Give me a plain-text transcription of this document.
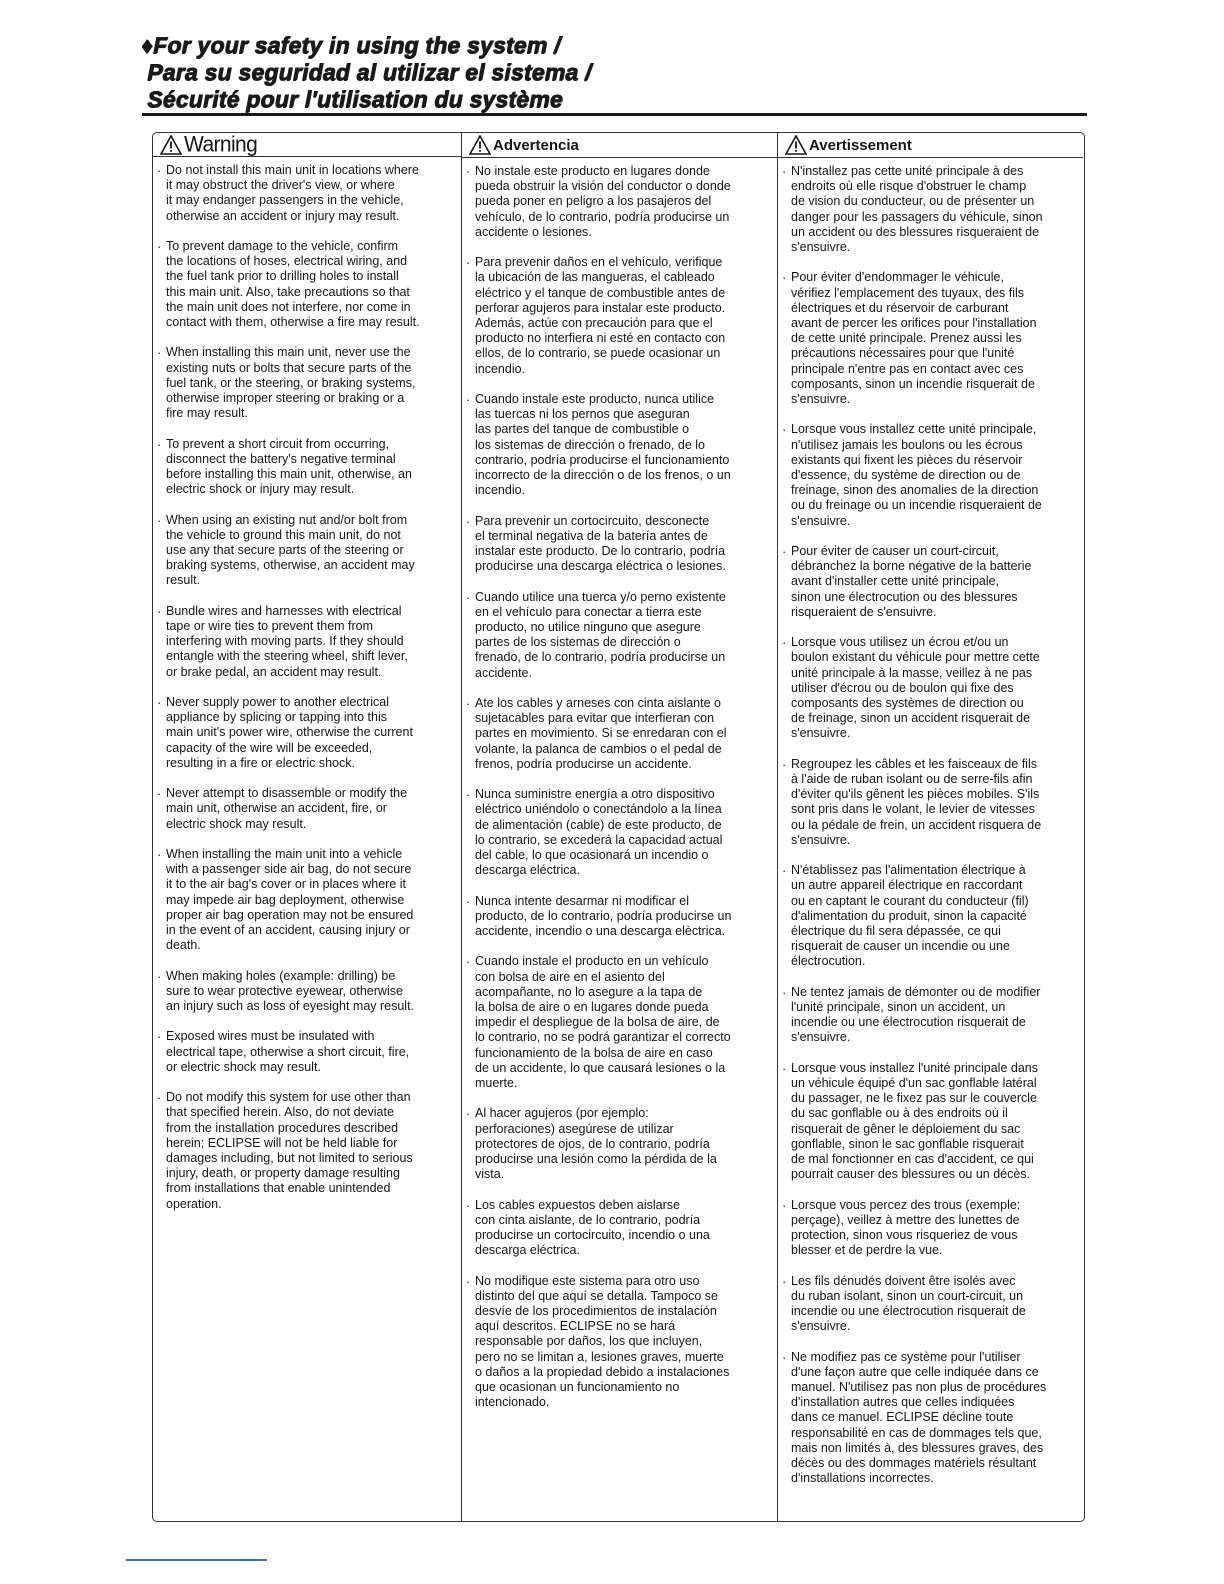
♦For your safety in using the system /
Para su seguridad al utilizar el sistema /
Sécurité pour l'utilisation du système
Warning
· Do not install this main unit in locations where
it may obstruct the driver's view, or where
it may endanger passengers in the vehicle,
otherwise an accident or injury may result.
· To prevent damage to the vehicle, confirm
the locations of hoses, electrical wiring, and
the fuel tank prior to drilling holes to install
this main unit. Also, take precautions so that
the main unit does not interfere, nor come in
contact with them, otherwise a fire may result.
· When installing this main unit, never use the
existing nuts or bolts that secure parts of the
fuel tank, or the steering, or braking systems,
otherwise improper steering or braking or a
fire may result.
· To prevent a short circuit from occurring,
disconnect the battery's negative terminal
before installing this main unit, otherwise, an
electric shock or injury may result.
· When using an existing nut and/or bolt from
the vehicle to ground this main unit, do not
use any that secure parts of the steering or
braking systems, otherwise, an accident may
result.
· Bundle wires and harnesses with electrical
tape or wire ties to prevent them from
interfering with moving parts. If they should
entangle with the steering wheel, shift lever,
or brake pedal, an accident may result.
· Never supply power to another electrical
appliance by splicing or tapping into this
main unit's power wire, otherwise the current
capacity of the wire will be exceeded,
resulting in a fire or electric shock.
· Never attempt to disassemble or modify the
main unit, otherwise an accident, fire, or
electric shock may result.
· When installing the main unit into a vehicle
with a passenger side air bag, do not secure
it to the air bag's cover or in places where it
may impede air bag deployment, otherwise
proper air bag operation may not be ensured
in the event of an accident, causing injury or
death.
· When making holes (example: drilling) be
sure to wear protective eyewear, otherwise
an injury such as loss of eyesight may result.
· Exposed wires must be insulated with
electrical tape, otherwise a short circuit, fire,
or electric shock may result.
· Do not modify this system for use other than
that specified herein. Also, do not deviate
from the installation procedures described
herein; ECLIPSE will not be held liable for
damages including, but not limited to serious
injury, death, or property damage resulting
from installations that enable unintended
operation.
Advertencia
· No instale este producto en lugares donde
pueda obstruir la visión del conductor o donde
pueda poner en peligro a los pasajeros del
vehículo, de lo contrario, podría producirse un
accidente o lesiones.
· Para prevenir daños en el vehículo, verifique
la ubicación de las mangueras, el cableado
eléctrico y el tanque de combustible antes de
perforar agujeros para instalar este producto.
Además, actúe con precaución para que el
producto no interfiera ni esté en contacto con
ellos, de lo contrario, se puede ocasionar un
incendio.
· Cuando instale este producto, nunca utilice
las tuercas ni los pernos que aseguran
las partes del tanque de combustible o
los sistemas de dirección o frenado, de lo
contrario, podría producirse el funcionamiento
incorrecto de la dirección o de los frenos, o un
incendio.
· Para prevenir un cortocircuito, desconecte
el terminal negativa de la batería antes de
instalar este producto. De lo contrario, podría
producirse una descarga eléctrica o lesiones.
· Cuando utilice una tuerca y/o perno existente
en el vehículo para conectar a tierra este
producto, no utilice ninguno que asegure
partes de los sistemas de dirección o
frenado, de lo contrario, podría producirse un
accidente.
· Ate los cables y arneses con cinta aislante o
sujetacables para evitar que interfieran con
partes en movimiento. Si se enredaran con el
volante, la palanca de cambios o el pedal de
frenos, podría producirse un accidente.
· Nunca suministre energía a otro dispositivo
eléctrico uniéndolo o conectándolo a la línea
de alimentación (cable) de este producto, de
lo contrario, se excederá la capacidad actual
del cable, lo que ocasionará un incendio o
descarga eléctrica.
· Nunca intente desarmar ni modificar el
producto, de lo contrario, podría producirse un
accidente, incendio o una descarga elèctrica.
· Cuando instale el producto en un vehículo
con bolsa de aire en el asiento del
acompañante, no lo asegure a la tapa de
la bolsa de aire o en lugares donde pueda
impedir el despliegue de la bolsa de aire, de
lo contrario, no se podrá garantizar el correcto
funcionamiento de la bolsa de aire en caso
de un accidente, lo que causará lesiones o la
muerte.
· Al hacer agujeros (por ejemplo:
perforaciones) asegúrese de utilizar
protectores de ojos, de lo contrario, podría
producirse una lesión como la pérdida de la
vista.
· Los cables expuestos deben aislarse
con cinta aislante, de lo contrario, podría
producirse un cortocircuito, incendio o una
descarga eléctrica.
· No modifique este sistema para otro uso
distinto del que aquí se detalla. Tampoco se
desvíe de los procedimientos de instalación
aquí descritos. ECLIPSE no se hará
responsable por daños, los que incluyen,
pero no se limitan a, lesiones graves, muerte
o daños a la propiedad debido a instalaciones
que ocasionan un funcionamiento no
intencionado.
Avertissement
· N'installez pas cette unité principale à des
endroits où elle risque d'obstruer le champ
de vision du conducteur, ou de présenter un
danger pour les passagers du véhicule, sinon
un accident ou des blessures risqueraient de
s'ensuivre.
· Pour éviter d'endommager le véhicule,
vérifiez l'emplacement des tuyaux, des fils
électriques et du réservoir de carburant
avant de percer les orifices pour l'installation
de cette unité principale. Prenez aussi les
précautions nécessaires pour que l'unité
principale n'entre pas en contact avec ces
composants, sinon un incendie risquerait de
s'ensuivre.
· Lorsque vous installez cette unité principale,
n'utilisez jamais les boulons ou les écrous
existants qui fixent les pièces du réservoir
d'essence, du système de direction ou de
freinage, sinon des anomalies de la direction
ou du freinage ou un incendie risqueraient de
s'ensuivre.
· Pour éviter de causer un court-circuit,
débranchez la borne négative de la batterie
avant d'installer cette unité principale,
sinon une électrocution ou des blessures
risqueraient de s'ensuivre.
· Lorsque vous utilisez un écrou et/ou un
boulon existant du véhicule pour mettre cette
unité principale à la masse, veillez à ne pas
utiliser d'écrou ou de boulon qui fixe des
composants des systèmes de direction ou
de freinage, sinon un accident risquerait de
s'ensuivre.
· Regroupez les câbles et les faisceaux de fils
à l'aide de ruban isolant ou de serre-fils afin
d'éviter qu'ils gênent les pièces mobiles. S'ils
sont pris dans le volant, le levier de vitesses
ou la pédale de frein, un accident risquera de
s'ensuivre.
· N'établissez pas l'alimentation électrique à
un autre appareil électrique en raccordant
ou en captant le courant du conducteur (fil)
d'alimentation du produit, sinon la capacité
électrique du fil sera dépassée, ce qui
risquerait de causer un incendie ou une
électrocution.
· Ne tentez jamais de démonter ou de modifier
l'unité principale, sinon un accident, un
incendie ou une électrocution risquerait de
s'ensuivre.
· Lorsque vous installez l'unité principale dans
un véhicule équipé d'un sac gonflable latéral
du passager, ne le fixez pas sur le couvercle
du sac gonflable ou à des endroits où il
risquerait de gêner le déploiement du sac
gonflable, sinon le sac gonflable risquerait
de mal fonctionner en cas d'accident, ce qui
pourrait causer des blessures ou un décès.
· Lorsque vous percez des trous (exemple:
perçage), veillez à mettre des lunettes de
protection, sinon vous risqueriez de vous
blesser et de perdre la vue.
· Les fils dénudés doivent être isolés avec
du ruban isolant, sinon un court-circuit, un
incendie ou une électrocution risquerait de
s'ensuivre.
· Ne modifiez pas ce système pour l'utiliser
d'une façon autre que celle indiquée dans ce
manuel. N'utilisez pas non plus de procédures
d'installation autres que celles indiquées
dans ce manuel. ECLIPSE décline toute
responsabilité en cas de dommages tels que,
mais non limités à, des blessures graves, des
décès ou des dommages matériels résultant
d'installations incorrectes.
